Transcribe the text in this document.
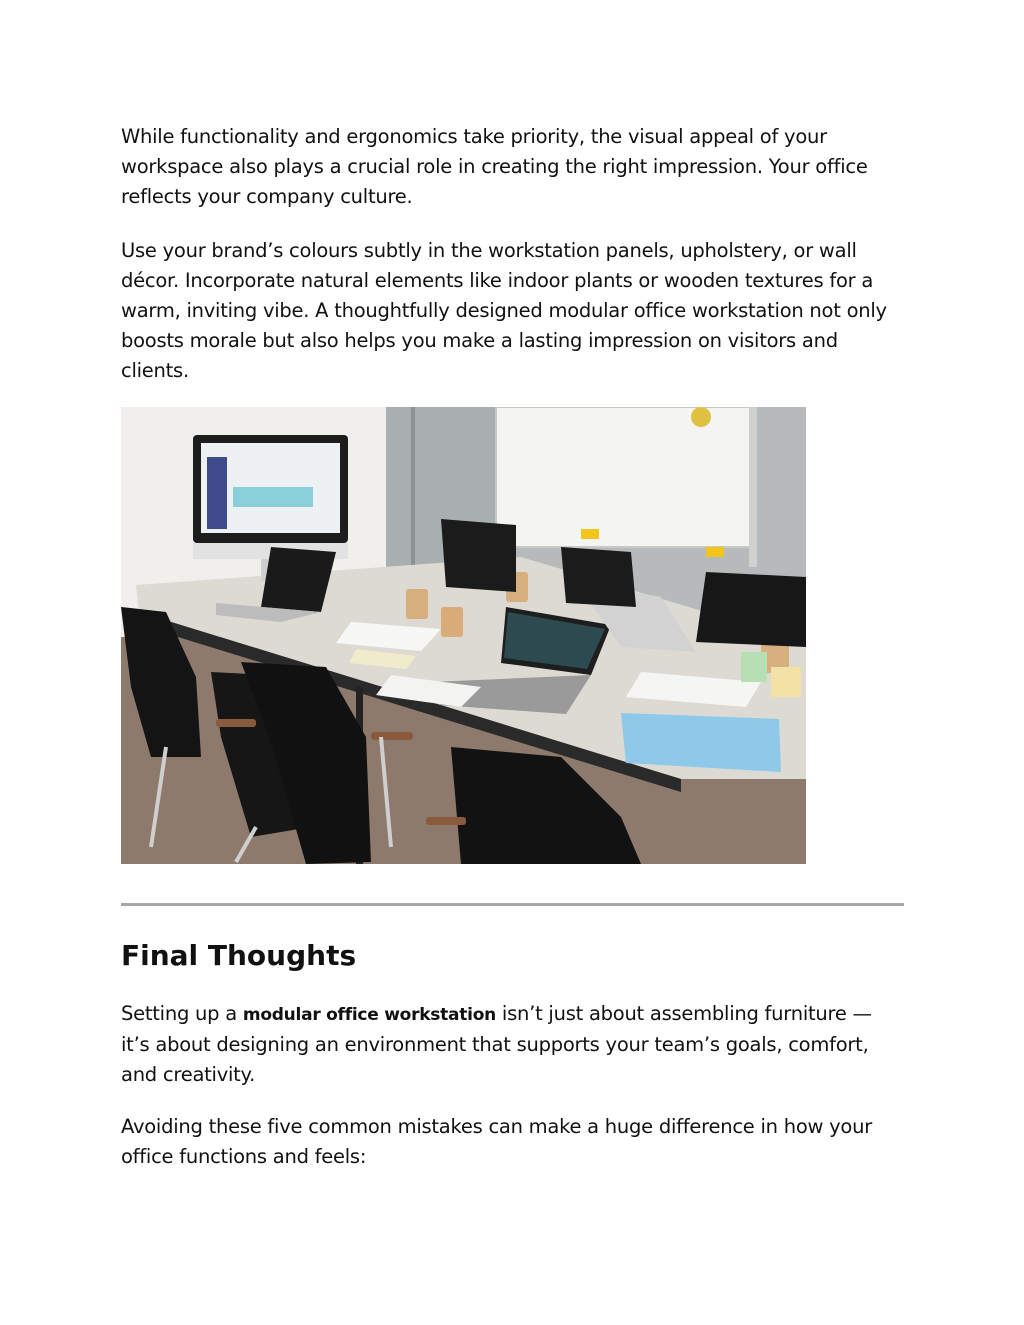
While functionality and ergonomics take priority, the visual appeal of your workspace also plays a crucial role in creating the right impression. Your office reflects your company culture.

Use your brand’s colours subtly in the workstation panels, upholstery, or wall décor. Incorporate natural elements like indoor plants or wooden textures for a warm, inviting vibe. A thoughtfully designed modular office workstation not only boosts morale but also helps you make a lasting impression on visitors and clients.

Final Thoughts

Setting up a modular office workstation isn’t just about assembling furniture — it’s about designing an environment that supports your team’s goals, comfort, and creativity.

Avoiding these five common mistakes can make a huge difference in how your office functions and feels:
